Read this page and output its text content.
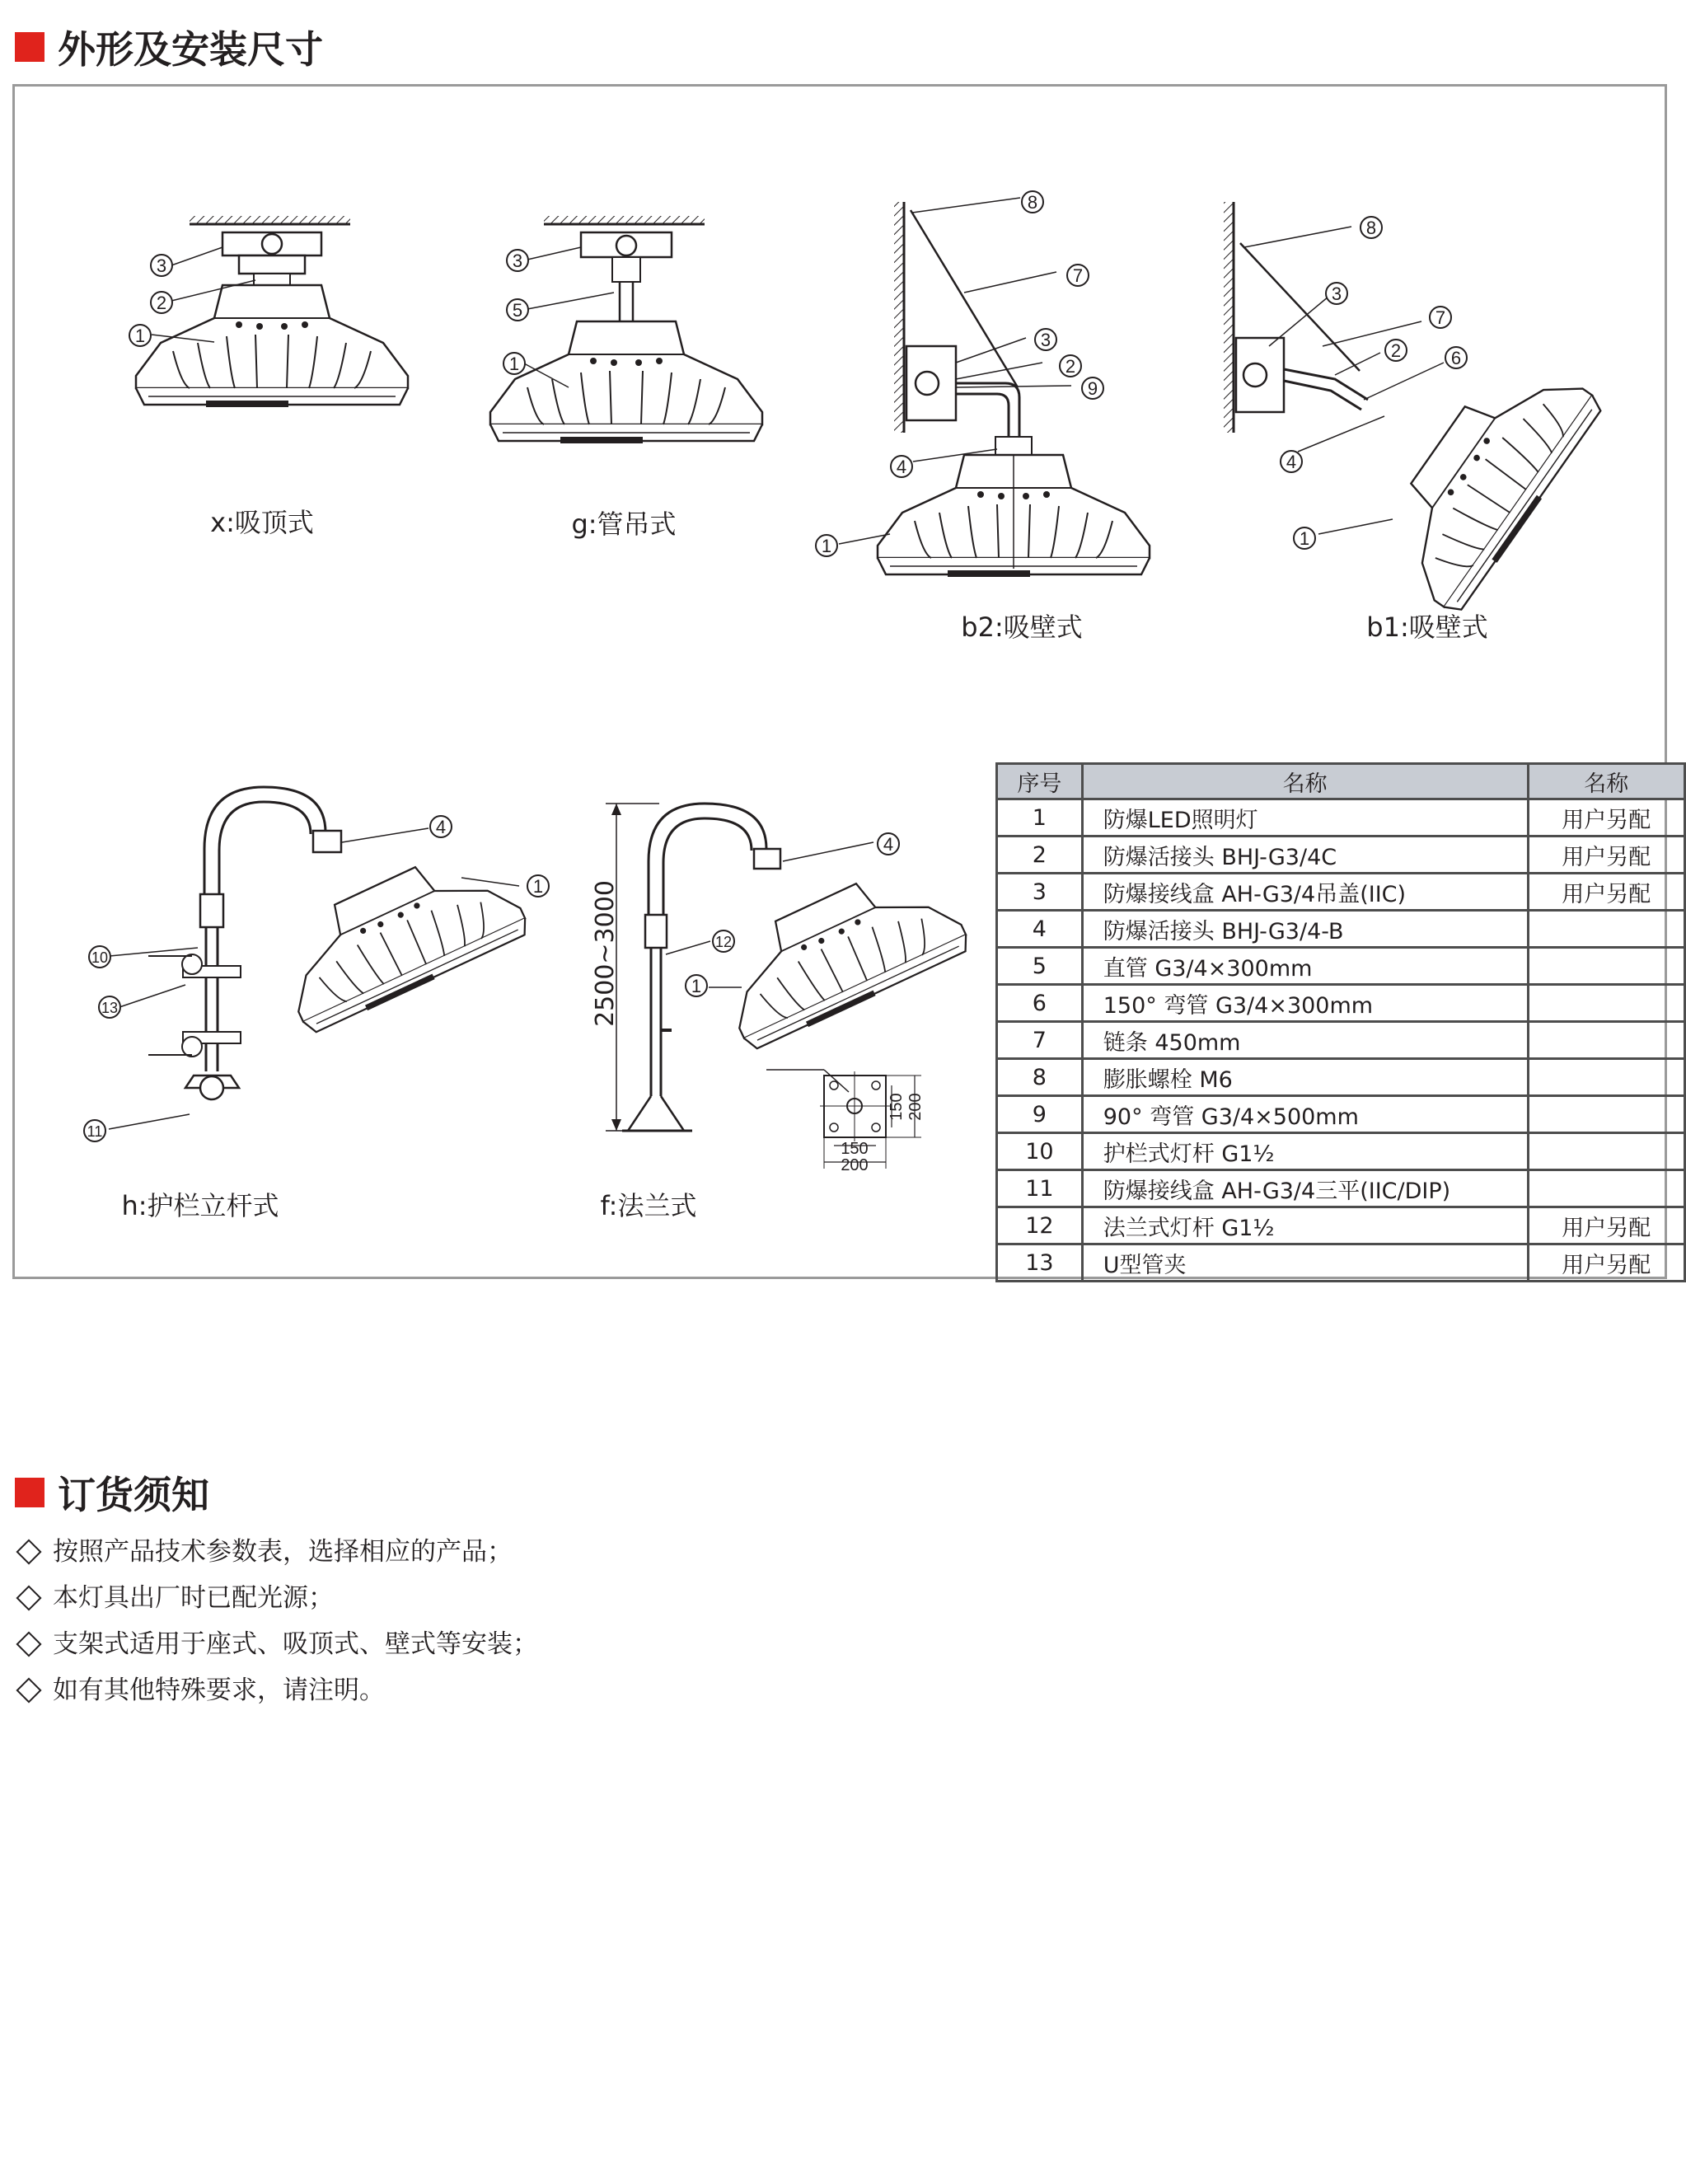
外形及安装尺寸
x:吸顶式	g:管吊式
b2:吸壁式	b1:吸壁式
h:护栏立杆式	f:法兰式
2500~3000
150 200
150
200
3
2
1
3
5
1
8
7
3
2
9
4
1
8
3
7
2	6
4
1
4
1
10
13
11
4
12
1
序号	名称	名称
1	防爆LED照明灯	用户另配
2	防爆活接头 BHJ-G3/4C	用户另配
3	防爆接线盒 AH-G3/4吊盖(IIC)	用户另配
4	防爆活接头 BHJ-G3/4-B	
5	直管 G3/4×300mm	
6	150° 弯管 G3/4×300mm	
7	链条 450mm	
8	膨胀螺栓 M6	
9	90° 弯管 G3/4×500mm	
10	护栏式灯杆 G1½	
11	防爆接线盒 AH-G3/4三平(IIC/DIP)	
12	法兰式灯杆 G1½	用户另配
13	U型管夹	用户另配
订货须知
按照产品技术参数表，选择相应的产品；
本灯具出厂时已配光源；
支架式适用于座式、吸顶式、壁式等安装；
如有其他特殊要求，请注明。
